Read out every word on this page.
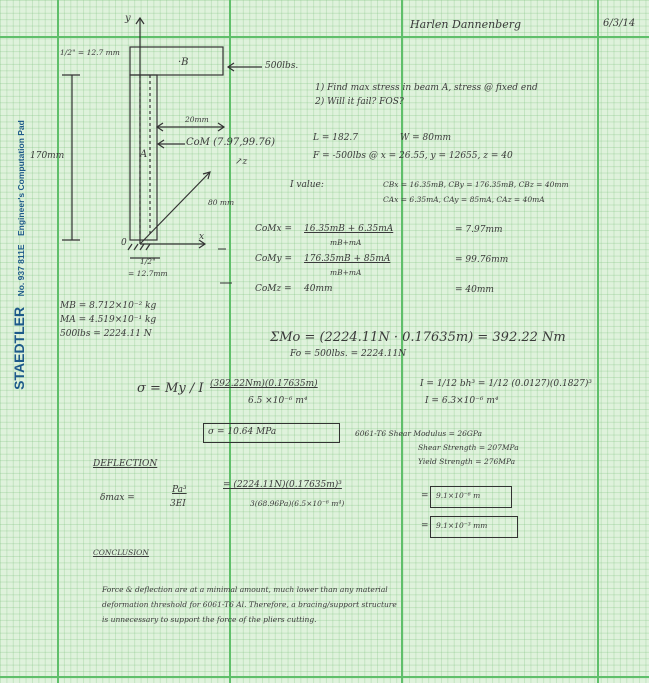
STAEDTLER No. 937 811E Engineer's Computation Pad
Harlen Dannenberg	6/3/14
y
x
0
·B
A
500lbs.
1/2" = 12.7 mm
170mm
20mm
CoM (7.97,99.76)
↗z
80 mm
1/2"
= 12.7mm
1) Find max stress in beam A, stress @ fixed end
2) Will it fail? FOS?
L = 182.7	W = 80mm
F = -500lbs @ x = 26.55, y = 12655, z = 40
I value:	CBx = 16.35mB, CBy = 176.35mB, CBz = 40mm
CAx = 6.35mA, CAy = 85mA, CAz = 40mA
CoMx = 16.35mB + 6.35mA
mB+mA
= 7.97mm
CoMy = 176.35mB + 85mA
mB+mA
= 99.76mm
CoMz = 40mm	= 40mm
MB = 8.712×10⁻² kg
MA = 4.519×10⁻¹ kg
500lbs = 2224.11 N	ΣMo = (2224.11N · 0.17635m) = 392.22 Nm
Fo = 500lbs. = 2224.11N
σ = My / I (392.22Nm)(0.17635m)
6.5 ×10⁻⁶ m⁴
σ = 10.64 MPa
I = 1/12 bh³ = 1/12 (0.0127)(0.1827)³
I = 6.3×10⁻⁶ m⁴
6061-T6 Shear Modulus = 26GPa
Shear Strength = 207MPa
Yield Strength = 276MPa
DEFLECTION
δmax =
Pa³
3EI
= (2224.11N)(0.17635m)³
3(68.96Pa)(6.5×10⁻⁶ m⁴)
9.1×10⁻⁶ m
9.1×10⁻³ mm
=
=
CONCLUSION
Force & deflection are at a minimal amount, much lower than any material
deformation threshold for 6061-T6 Al. Therefore, a bracing/support structure
is unnecessary to support the force of the pliers cutting.
